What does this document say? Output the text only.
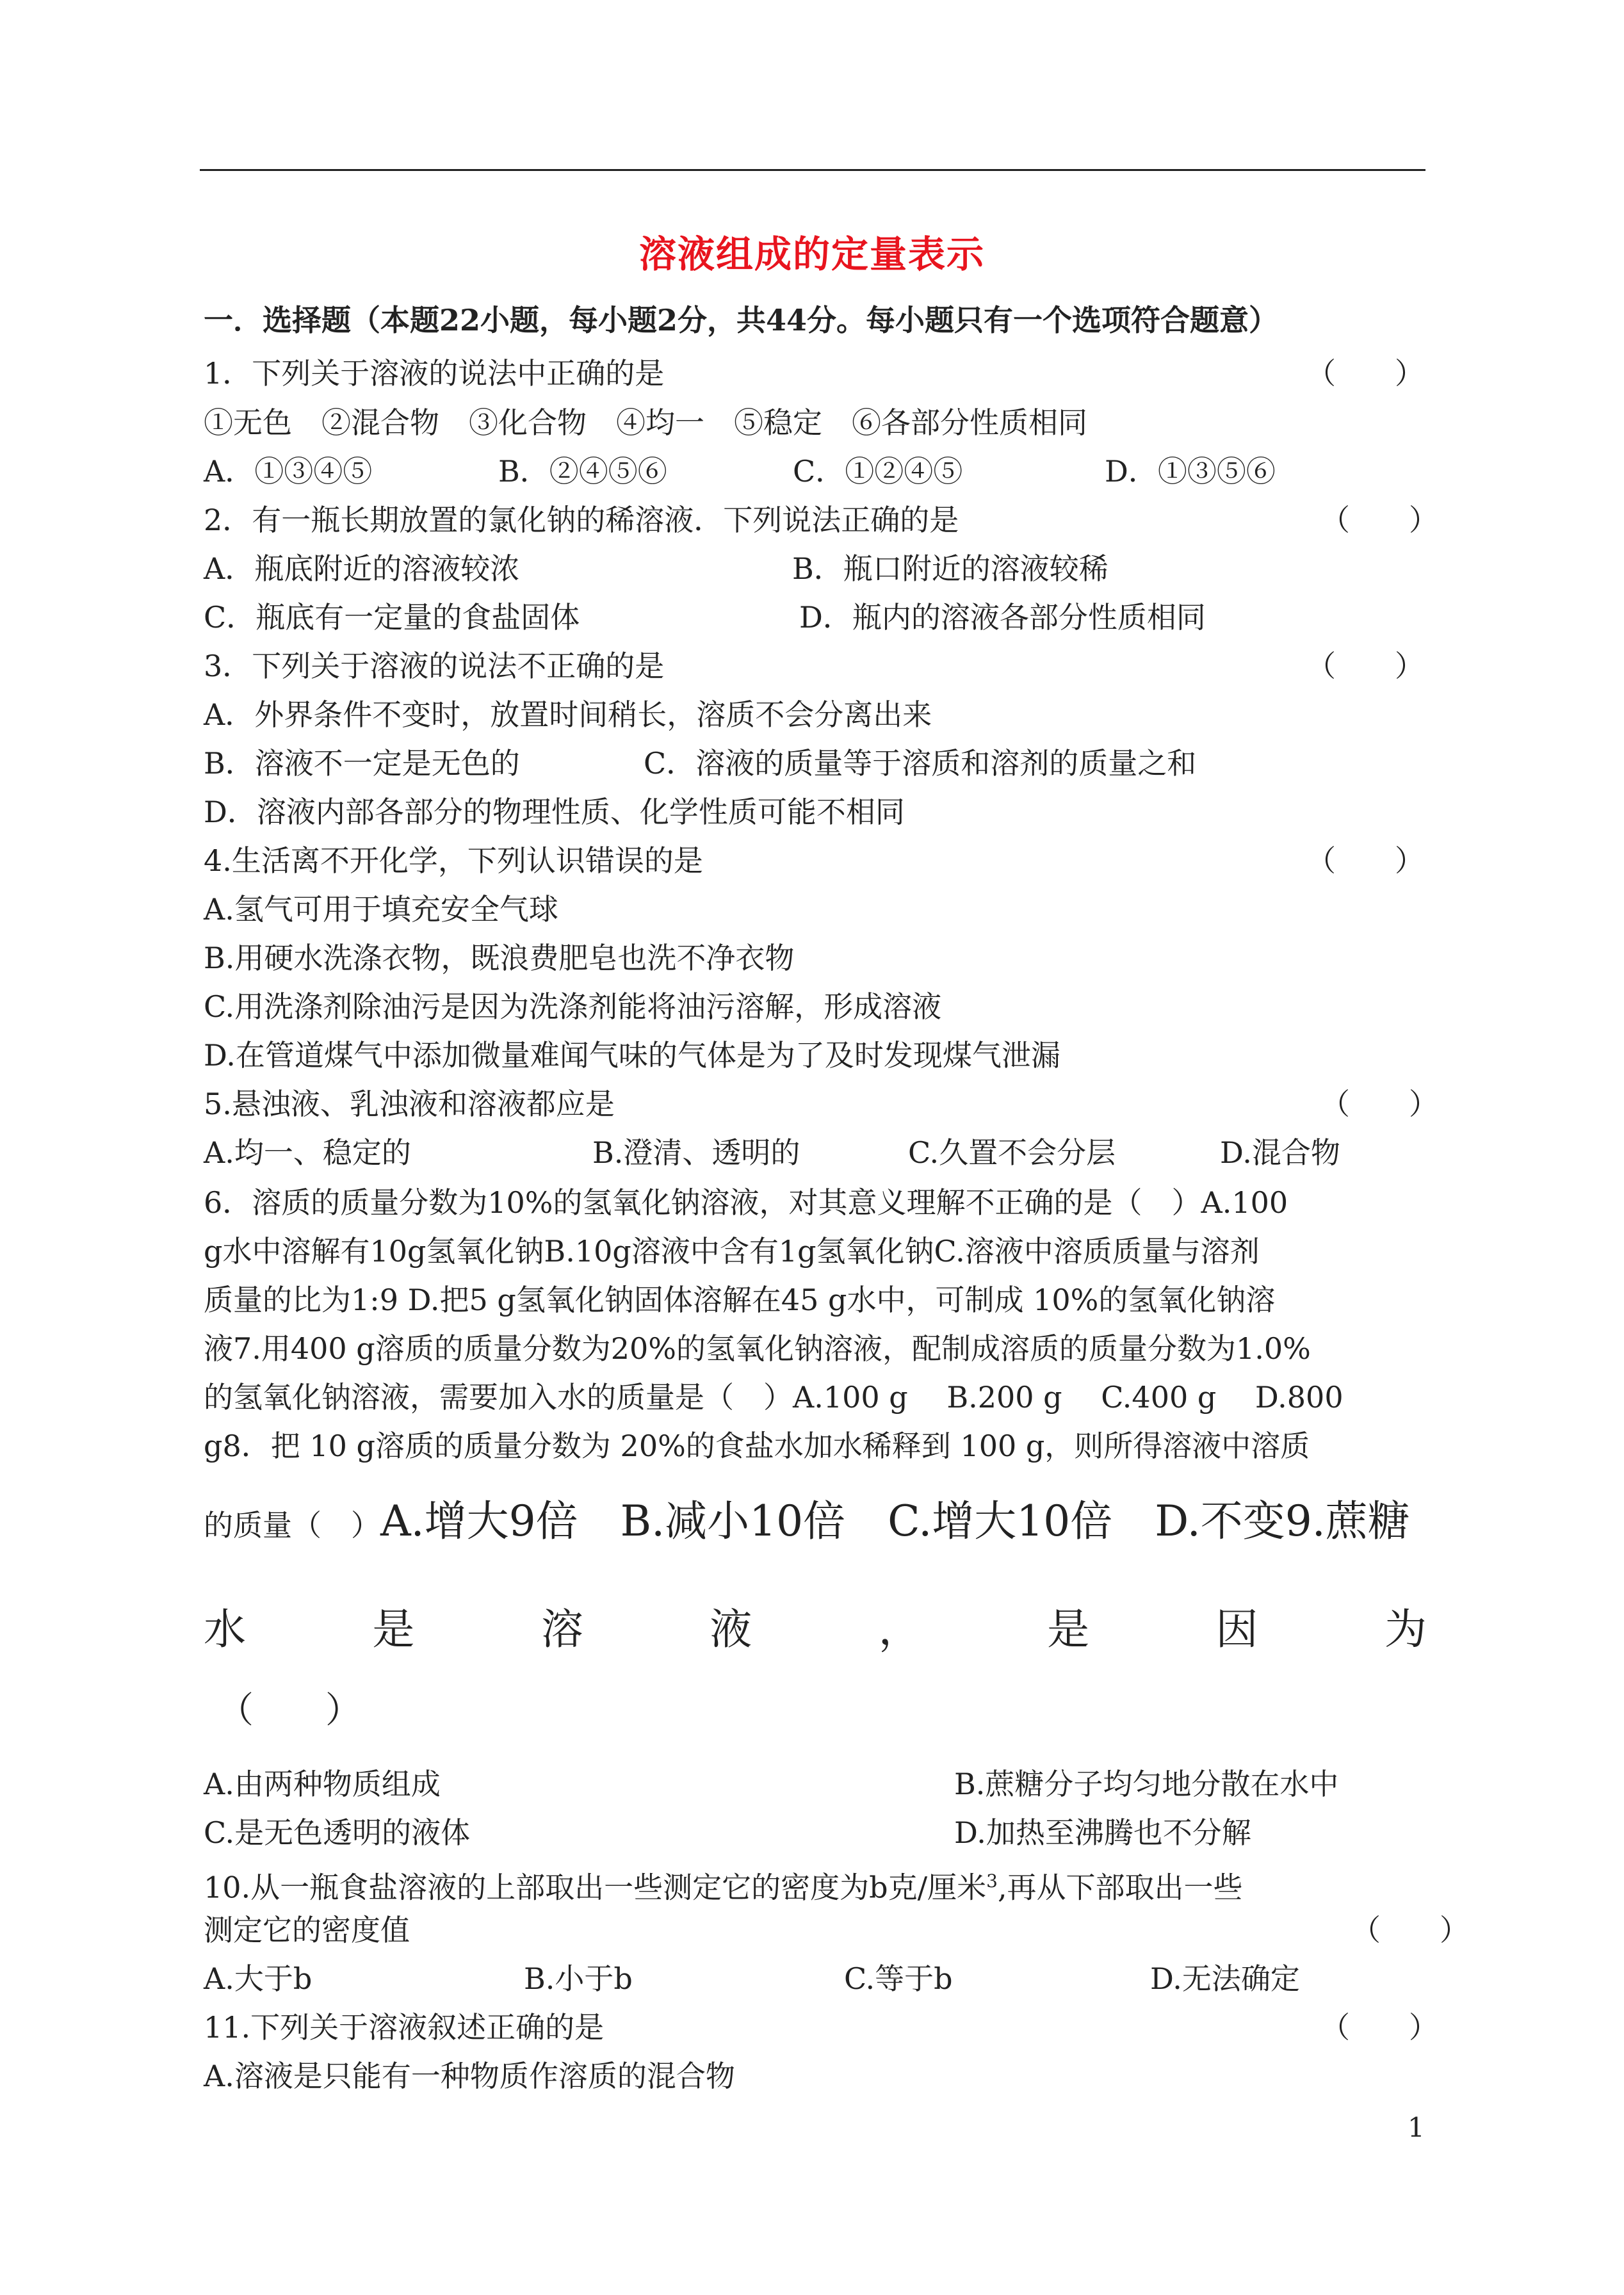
溶液组成的定量表示
一．选择题（本题22小题，每小题2分，共44分。每小题只有一个选项符合题意）
1．下列关于溶液的说法中正确的是	（　　）
①无色　②混合物　③化合物　④均一　⑤稳定　⑥各部分性质相同
A．①③④⑤	B．②④⑤⑥	C．①②④⑤	D．①③⑤⑥
2．有一瓶长期放置的氯化钠的稀溶液．下列说法正确的是	（　　）
A．瓶底附近的溶液较浓	B．瓶口附近的溶液较稀
C．瓶底有一定量的食盐固体	D．瓶内的溶液各部分性质相同
3．下列关于溶液的说法不正确的是	（　　）
A．外界条件不变时，放置时间稍长，溶质不会分离出来
B．溶液不一定是无色的	C．溶液的质量等于溶质和溶剂的质量之和
D．溶液内部各部分的物理性质、化学性质可能不相同
4.生活离不开化学，下列认识错误的是	（　　）
A.氢气可用于填充安全气球
B.用硬水洗涤衣物，既浪费肥皂也洗不净衣物
C.用洗涤剂除油污是因为洗涤剂能将油污溶解，形成溶液
D.在管道煤气中添加微量难闻气味的气体是为了及时发现煤气泄漏
5.悬浊液、乳浊液和溶液都应是	（　　）
A.均一、稳定的	B.澄清、透明的	C.久置不会分层	D.混合物
6．溶质的质量分数为10%的氢氧化钠溶液，对其意义理解不正确的是（　）A.100
g水中溶解有10g氢氧化钠B.10g溶液中含有1g氢氧化钠C.溶液中溶质质量与溶剂
质量的比为1:9 D.把5 g氢氧化钠固体溶解在45 g水中，可制成 10%的氢氧化钠溶
液7.用400 g溶质的质量分数为20%的氢氧化钠溶液，配制成溶质的质量分数为1.0%
的氢氧化钠溶液，需要加入水的质量是（　）A.100 g　 B.200 g　 C.400 g　 D.800
g8．把 10 g溶质的质量分数为 20%的食盐水加水稀释到 100 g，则所得溶液中溶质
的质量（　）A.增大9倍　B.减小10倍　C.增大10倍　D.不变9.蔗糖
水	是	溶	液	，	是	因	为
（　　）
A.由两种物质组成	B.蔗糖分子均匀地分散在水中
C.是无色透明的液体	D.加热至沸腾也不分解
10.从一瓶食盐溶液的上部取出一些测定它的密度为b克/厘米$^3$,再从下部取出一些
测定它的密度值	（　　）
A.大于b	B.小于b	C.等于b	D.无法确定
11.下列关于溶液叙述正确的是	（　　）
A.溶液是只能有一种物质作溶质的混合物
1
